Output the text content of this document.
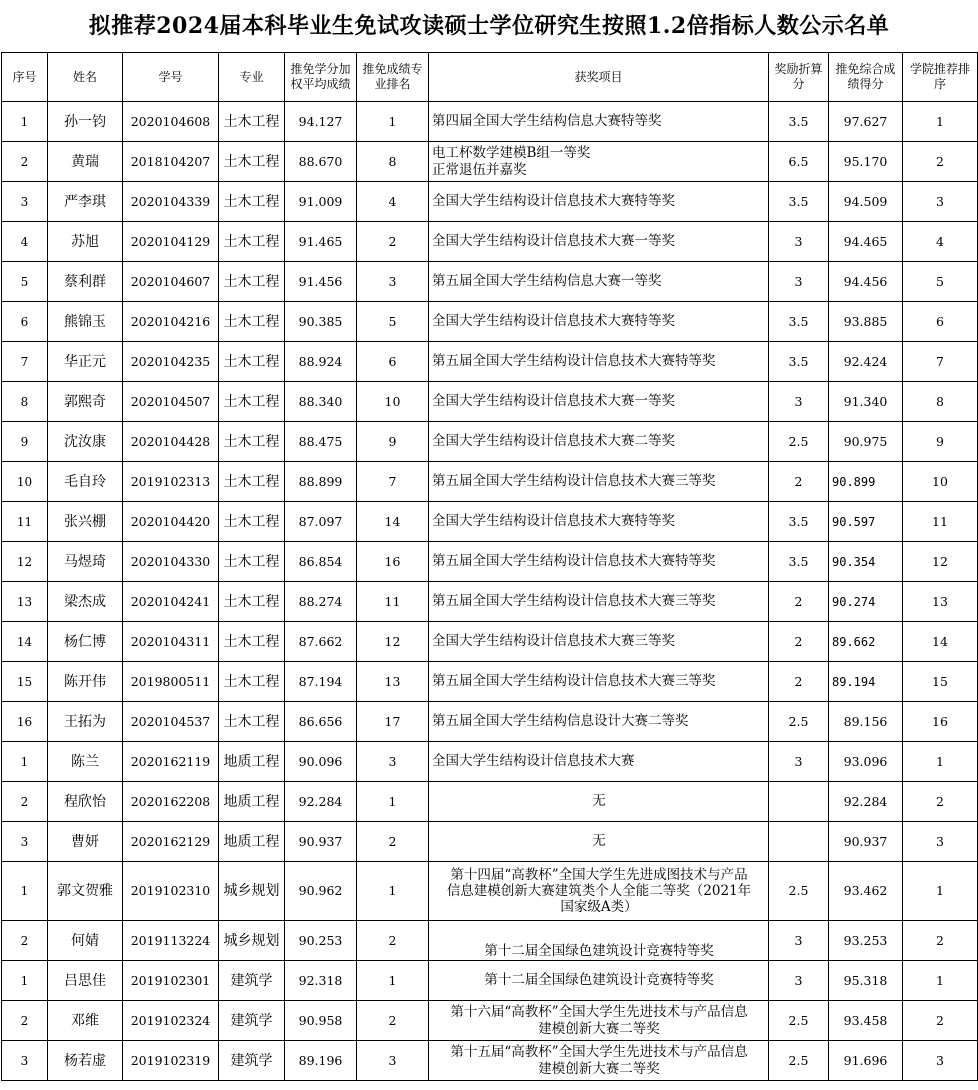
拟推荐2024届本科毕业生免试攻读硕士学位研究生按照1.2倍指标人数公示名单
序号	姓名	学号	专业	推免学分加权平均成绩	推免成绩专业排名	获奖项目	奖励折算分	推免综合成绩得分	学院推荐排序
1	孙一钧	2020104608	土木工程	94.127	1	第四届全国大学生结构信息大赛特等奖	3.5	97.627	1
2	黄瑞	2018104207	土木工程	88.670	8	电工杯数学建模B组一等奖
正常退伍并嘉奖	6.5	95.170	2
3	严李琪	2020104339	土木工程	91.009	4	全国大学生结构设计信息技术大赛特等奖	3.5	94.509	3
4	苏旭	2020104129	土木工程	91.465	2	全国大学生结构设计信息技术大赛一等奖	3	94.465	4
5	蔡利群	2020104607	土木工程	91.456	3	第五届全国大学生结构信息大赛一等奖	3	94.456	5
6	熊锦玉	2020104216	土木工程	90.385	5	全国大学生结构设计信息技术大赛特等奖	3.5	93.885	6
7	华正元	2020104235	土木工程	88.924	6	第五届全国大学生结构设计信息技术大赛特等奖	3.5	92.424	7
8	郭熙奇	2020104507	土木工程	88.340	10	全国大学生结构设计信息技术大赛一等奖	3	91.340	8
9	沈汝康	2020104428	土木工程	88.475	9	全国大学生结构设计信息技术大赛二等奖	2.5	90.975	9
10	毛自玲	2019102313	土木工程	88.899	7	第五届全国大学生结构设计信息技术大赛三等奖	2	90.899	10
11	张兴棚	2020104420	土木工程	87.097	14	全国大学生结构设计信息技术大赛特等奖	3.5	90.597	11
12	马煜琦	2020104330	土木工程	86.854	16	第五届全国大学生结构设计信息技术大赛特等奖	3.5	90.354	12
13	梁杰成	2020104241	土木工程	88.274	11	第五届全国大学生结构设计信息技术大赛三等奖	2	90.274	13
14	杨仁博	2020104311	土木工程	87.662	12	全国大学生结构设计信息技术大赛三等奖	2	89.662	14
15	陈开伟	2019800511	土木工程	87.194	13	第五届全国大学生结构设计信息技术大赛三等奖	2	89.194	15
16	王拓为	2020104537	土木工程	86.656	17	第五届全国大学生结构信息设计大赛二等奖	2.5	89.156	16
1	陈兰	2020162119	地质工程	90.096	3	全国大学生结构设计信息技术大赛	3	93.096	1
2	程欣怡	2020162208	地质工程	92.284	1	无		92.284	2
3	曹妍	2020162129	地质工程	90.937	2	无		90.937	3
1	郭文贺雅	2019102310	城乡规划	90.962	1	第十四届“高教杯”全国大学生先进成图技术与产品
信息建模创新大赛建筑类个人全能二等奖（2021年
国家级A类）	2.5	93.462	1
2	何婧	2019113224	城乡规划	90.253	2	第十二届全国绿色建筑设计竞赛特等奖	3	93.253	2
1	吕思佳	2019102301	建筑学	92.318	1	第十二届全国绿色建筑设计竞赛特等奖	3	95.318	1
2	邓维	2019102324	建筑学	90.958	2	第十六届“高教杯”全国大学生先进技术与产品信息
建模创新大赛二等奖	2.5	93.458	2
3	杨若虚	2019102319	建筑学	89.196	3	第十五届“高教杯”全国大学生先进技术与产品信息
建模创新大赛二等奖	2.5	91.696	3
